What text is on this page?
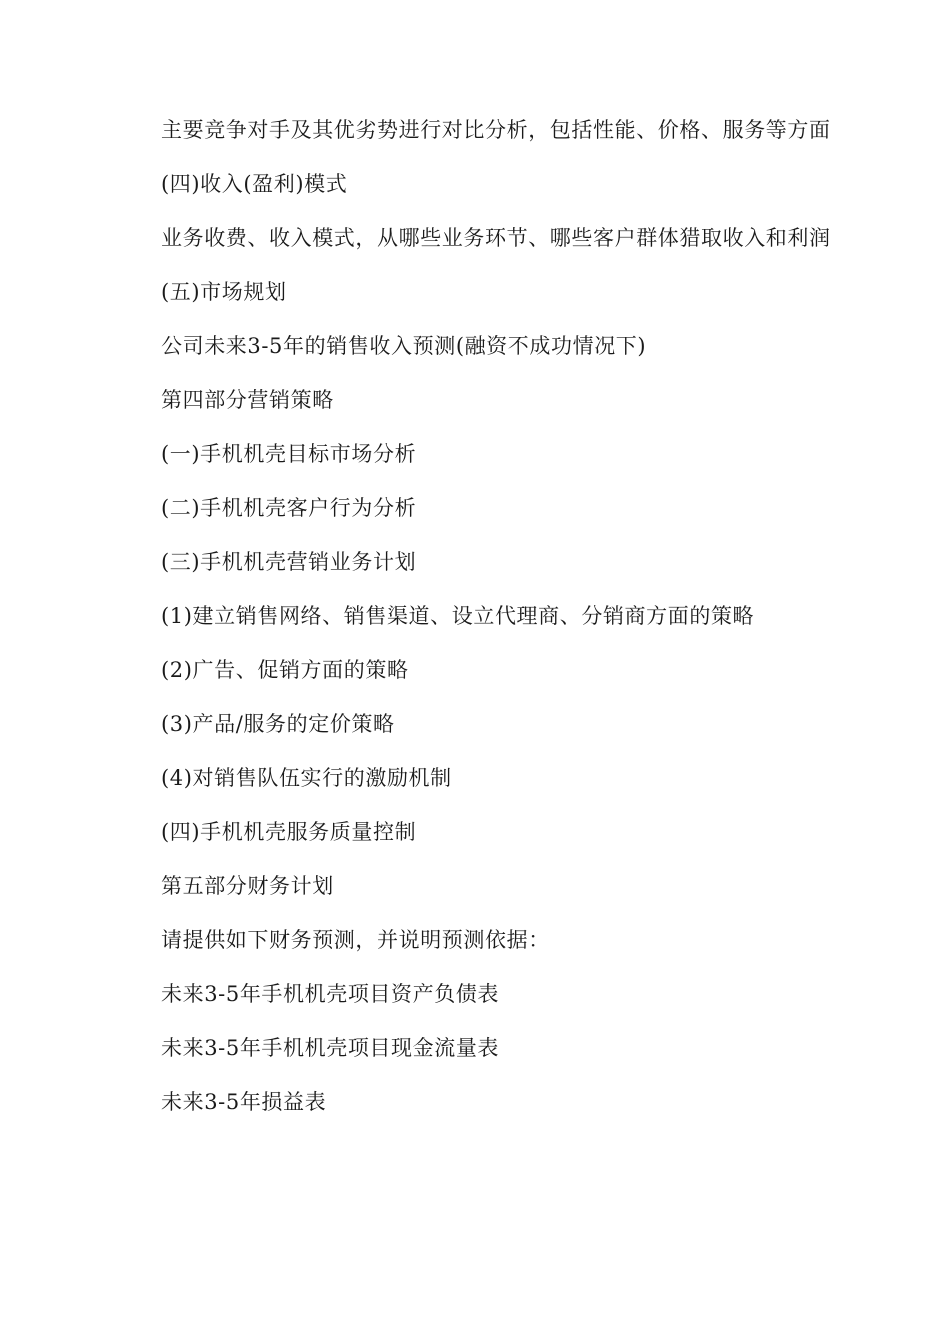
主要竞争对手及其优劣势进行对比分析，包括性能、价格、服务等方面

(四)收入(盈利)模式

业务收费、收入模式，从哪些业务环节、哪些客户群体猎取收入和利润

(五)市场规划

公司未来3-5年的销售收入预测(融资不成功情况下)

第四部分营销策略

(一)手机机壳目标市场分析

(二)手机机壳客户行为分析

(三)手机机壳营销业务计划

(1)建立销售网络、销售渠道、设立代理商、分销商方面的策略

(2)广告、促销方面的策略

(3)产品/服务的定价策略

(4)对销售队伍实行的激励机制

(四)手机机壳服务质量控制

第五部分财务计划

请提供如下财务预测，并说明预测依据：

未来3-5年手机机壳项目资产负债表

未来3-5年手机机壳项目现金流量表

未来3-5年损益表
